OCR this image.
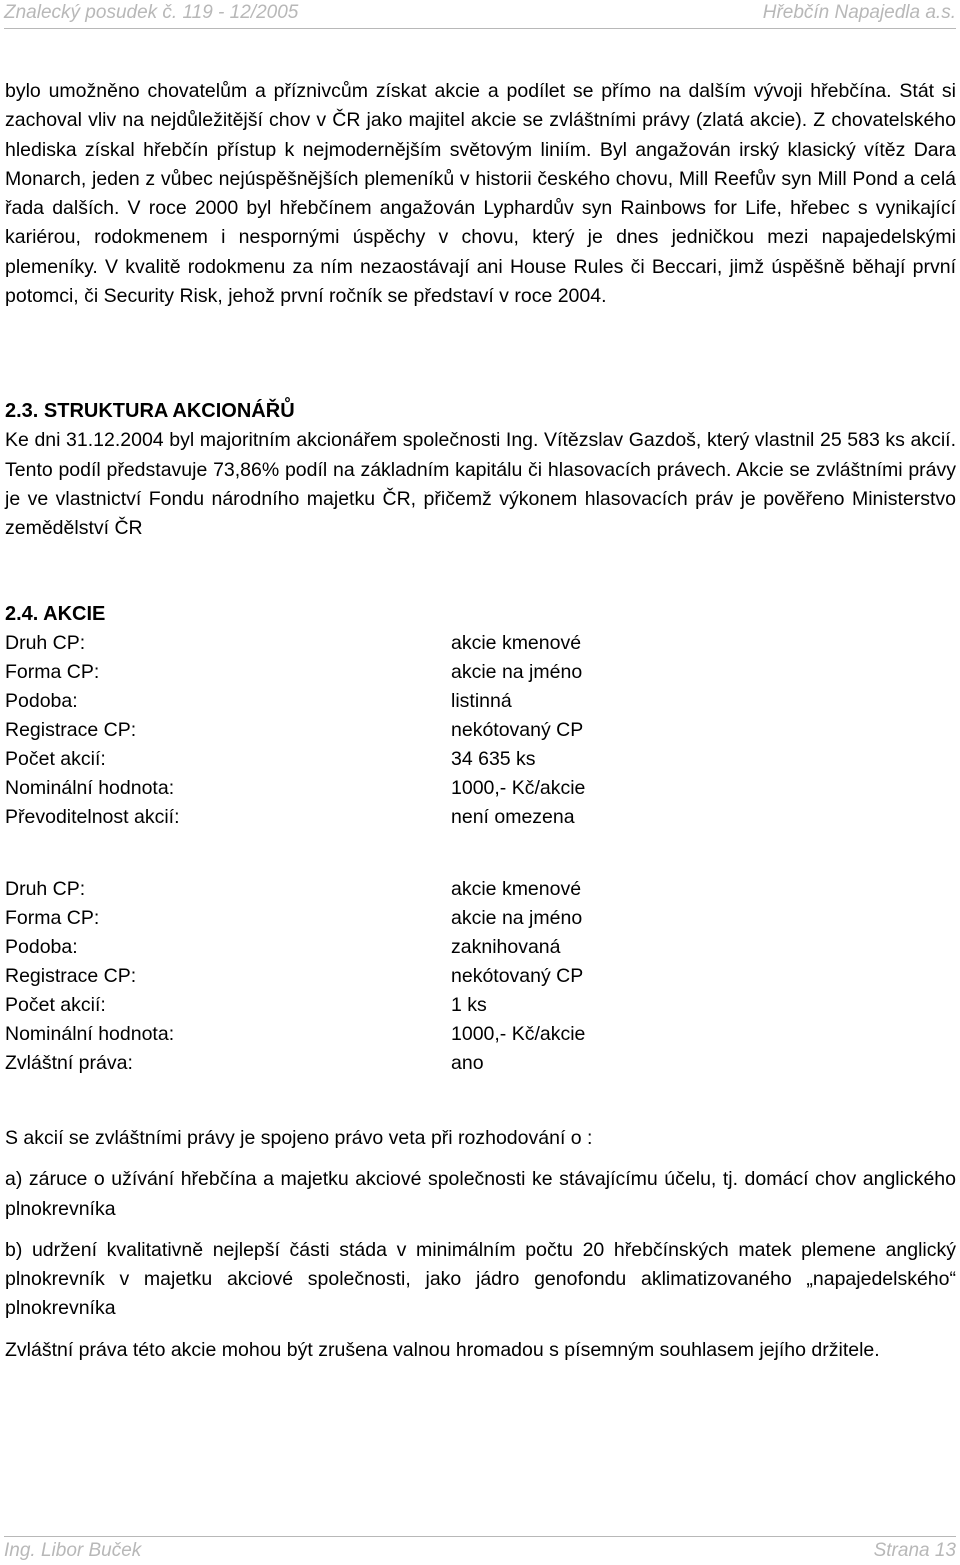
Znalecký posudek č. 119 - 12/2005	Hřebčín Napajedla a.s.

bylo umožněno chovatelům a příznivcům získat akcie a podílet se přímo na dalším vývoji hřebčína. Stát si zachoval vliv na nejdůležitější chov v ČR jako majitel akcie se zvláštními právy (zlatá akcie). Z chovatelského hlediska získal hřebčín přístup k nejmodernějším světovým liniím. Byl angažován irský klasický vítěz Dara Monarch, jeden z vůbec nejúspěšnějších plemeníků v historii českého chovu, Mill Reefův syn Mill Pond a celá řada dalších. V roce 2000 byl hřebčínem angažován Lyphardův syn Rainbows for Life, hřebec s vynikající kariérou, rodokmenem i nespornými úspěchy v chovu, který je dnes jedničkou mezi napajedelskými plemeníky. V kvalitě rodokmenu za ním nezaostávají ani House Rules či Beccari, jimž úspěšně běhají první potomci, či Security Risk, jehož první ročník se představí v roce 2004.

2.3. STRUKTURA AKCIONÁŘŮ

Ke dni 31.12.2004 byl majoritním akcionářem společnosti Ing. Vítězslav Gazdoš, který vlastnil 25 583 ks akcií. Tento podíl představuje 73,86% podíl na základním kapitálu či hlasovacích právech. Akcie se zvláštními právy je ve vlastnictví Fondu národního majetku ČR, přičemž výkonem hlasovacích práv je pověřeno Ministerstvo zemědělství ČR

2.4. AKCIE
Druh CP:	akcie kmenové
Forma CP:	akcie na jméno
Podoba:	listinná
Registrace CP:	nekótovaný CP
Počet akcií:	34 635 ks
Nominální hodnota:	1000,- Kč/akcie
Převoditelnost akcií:	není omezena
Druh CP:	akcie kmenové
Forma CP:	akcie na jméno
Podoba:	zaknihovaná
Registrace CP:	nekótovaný CP
Počet akcií:	1 ks
Nominální hodnota:	1000,- Kč/akcie
Zvláštní práva:	ano

S akcií se zvláštními právy je spojeno právo veta při rozhodování o :

a) záruce o užívání hřebčína a majetku akciové společnosti ke stávajícímu účelu, tj. domácí chov anglického plnokrevníka

b) udržení kvalitativně nejlepší části stáda v minimálním počtu 20 hřebčínských matek plemene anglický plnokrevník v majetku akciové společnosti, jako jádro genofondu aklimatizovaného „napajedelského“ plnokrevníka

Zvláštní práva této akcie mohou být zrušena valnou hromadou s písemným souhlasem jejího držitele.

Ing. Libor Buček	Strana 13
